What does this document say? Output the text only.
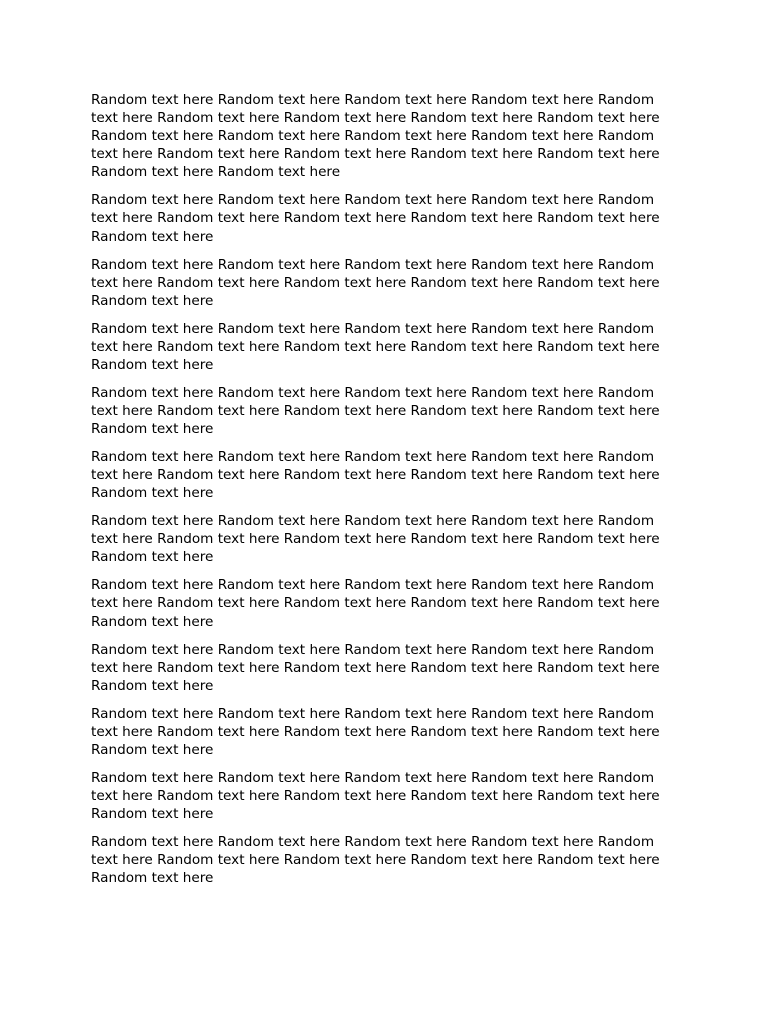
Random text here Random text here Random text here Random text here Random text here Random text here Random text here Random text here Random text here Random text here Random text here Random text here Random text here Random text here Random text here Random text here Random text here Random text here Random text here Random text here

Random text here Random text here Random text here Random text here Random text here Random text here Random text here Random text here Random text here Random text here

Random text here Random text here Random text here Random text here Random text here Random text here Random text here Random text here Random text here Random text here

Random text here Random text here Random text here Random text here Random text here Random text here Random text here Random text here Random text here Random text here

Random text here Random text here Random text here Random text here Random text here Random text here Random text here Random text here Random text here Random text here

Random text here Random text here Random text here Random text here Random text here Random text here Random text here Random text here Random text here Random text here

Random text here Random text here Random text here Random text here Random text here Random text here Random text here Random text here Random text here Random text here

Random text here Random text here Random text here Random text here Random text here Random text here Random text here Random text here Random text here Random text here

Random text here Random text here Random text here Random text here Random text here Random text here Random text here Random text here Random text here Random text here

Random text here Random text here Random text here Random text here Random text here Random text here Random text here Random text here Random text here Random text here

Random text here Random text here Random text here Random text here Random text here Random text here Random text here Random text here Random text here Random text here

Random text here Random text here Random text here Random text here Random text here Random text here Random text here Random text here Random text here Random text here
